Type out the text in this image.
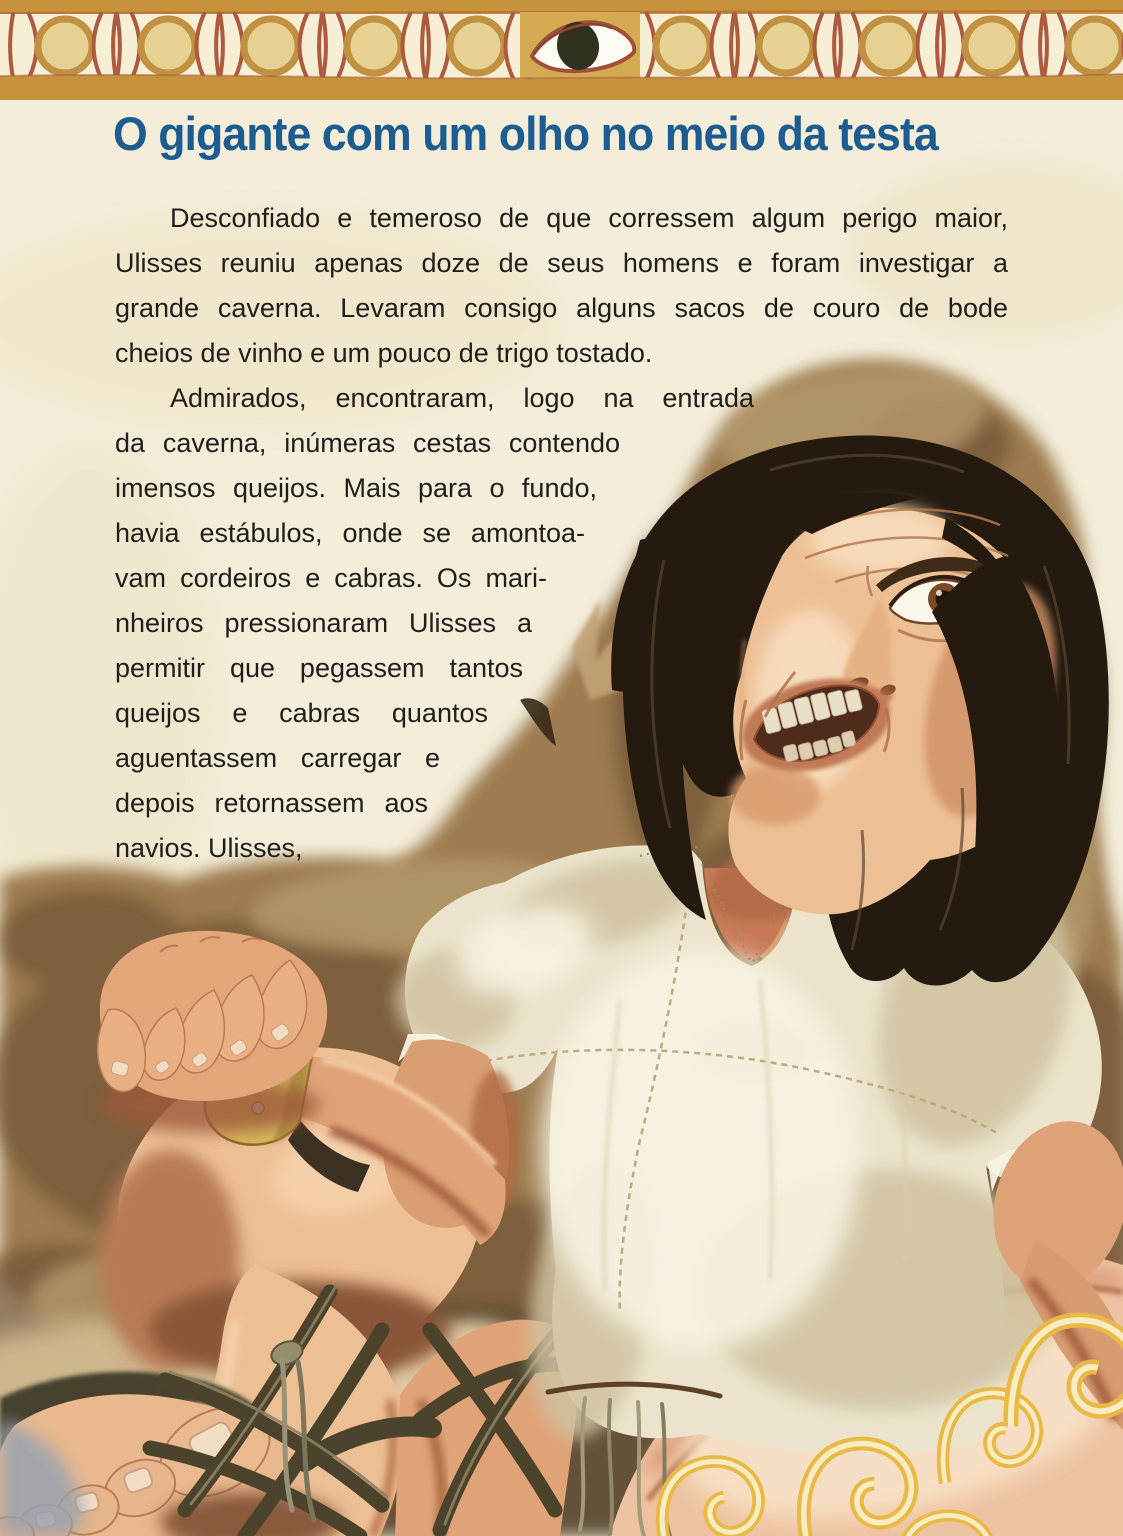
O gigante com um olho no meio da testa
Desconfiado e temeroso de que corressem algum perigo maior,
Ulisses reuniu apenas doze de seus homens e foram investigar a
grande caverna. Levaram consigo alguns sacos de couro de bode
cheios de vinho e um pouco de trigo tostado.
Admirados, encontraram, logo na entrada
da caverna, inúmeras cestas contendo
imensos queijos. Mais para o fundo,
havia estábulos, onde se amontoa-
vam cordeiros e cabras. Os mari-
nheiros pressionaram Ulisses a
permitir que pegassem tantos
queijos e cabras quantos
aguentassem carregar e
depois retornassem aos
navios. Ulisses,
